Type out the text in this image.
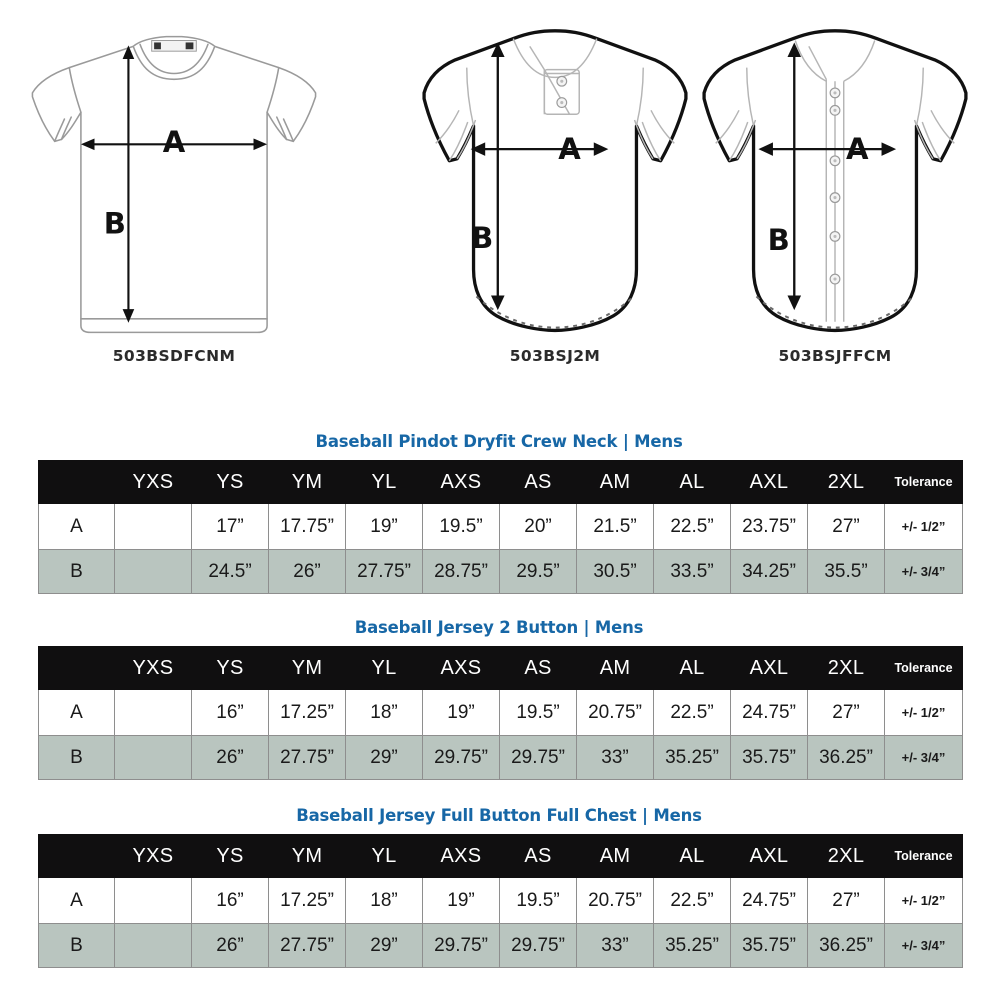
A
B
503BSDFCNM
A
B
503BSJ2M
A
B
503BSJFFCM
Baseball Pindot Dryfit Crew Neck | Mens
	YXS	YS	YM	YL	AXS	AS	AM	AL	AXL	2XL	Tolerance
A		17”	17.75”	19”	19.5”	20”	21.5”	22.5”	23.75”	27”	+/- 1/2”
B		24.5”	26”	27.75”	28.75”	29.5”	30.5”	33.5”	34.25”	35.5”	+/- 3/4”
Baseball Jersey 2 Button | Mens
	YXS	YS	YM	YL	AXS	AS	AM	AL	AXL	2XL	Tolerance
A		16”	17.25”	18”	19”	19.5”	20.75”	22.5”	24.75”	27”	+/- 1/2”
B		26”	27.75”	29”	29.75”	29.75”	33”	35.25”	35.75”	36.25”	+/- 3/4”
Baseball Jersey Full Button Full Chest | Mens
	YXS	YS	YM	YL	AXS	AS	AM	AL	AXL	2XL	Tolerance
A		16”	17.25”	18”	19”	19.5”	20.75”	22.5”	24.75”	27”	+/- 1/2”
B		26”	27.75”	29”	29.75”	29.75”	33”	35.25”	35.75”	36.25”	+/- 3/4”
